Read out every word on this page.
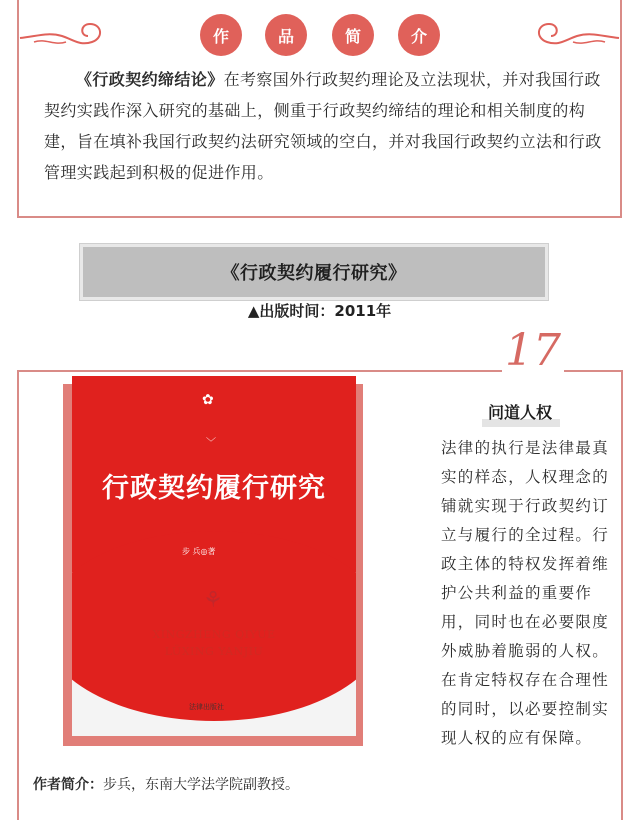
作	品	简	介
《行政契约缔结论》在考察国外行政契约理论及立法现状，并对我国行政契约实践作深入研究的基础上，侧重于行政契约缔结的理论和相关制度的构建，旨在填补我国行政契约法研究领域的空白，并对我国行政契约立法和行政管理实践起到积极的促进作用。
《行政契约履行研究》
▲出版时间：2011年
17
✿
﹀
行政契约履行研究
步 兵◎著
⚘
XINGZHENG QIYUE
LÜXING YANJIU
法律出版社
问道人权
法律的执行是法律最真实的样态，人权理念的铺就实现于行政契约订立与履行的全过程。行政主体的特权发挥着维护公共利益的重要作用，同时也在必要限度外威胁着脆弱的人权。在肯定特权存在合理性的同时，以必要控制实现人权的应有保障。
作者简介：步兵，东南大学法学院副教授。
